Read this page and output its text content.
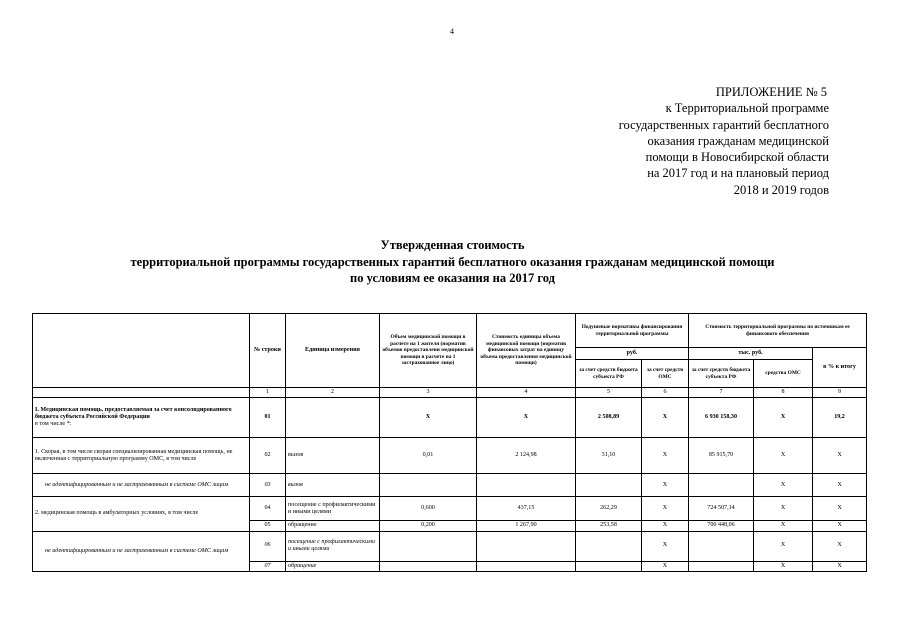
4
ПРИЛОЖЕНИЕ № 5
к Территориальной программе
государственных гарантий бесплатного
оказания гражданам медицинской
помощи в Новосибирской области
на 2017 год и на плановый период
2018 и 2019 годов
Утвержденная стоимость
территориальной программы государственных гарантий бесплатного оказания гражданам медицинской помощи
по условиям ее оказания на 2017 год
	№ строки	Единица измерения	Объем медицинской помощи в расчете на 1 жителя (норматив объемов предоставлени медицинской помощи в расчете на 1 застрахованное лицо)	Стоимость единицы объема медицинской помощи (норматив финансовых затрат на единицу объема предоставления медицинской помощи)	Подушевые нормативы финансирования территориальной программы		Стоимость территориальной программы по источникам ее финансового обеспечения		
					руб.		тыс. руб.		в % к итогу
					за счет средств бюджета субъекта РФ	за счет средств ОМС	за счет средств бюджета субъекта РФ	средства ОМС	
	1	2	3	4	5	6	7	8	9

I. Медицинская помощь, предоставляемая за счет консолидированного бюджета субъекта Российской Федерации
в том числе *:	01		X	X	2 508,89	X	6 930 158,30	X	19,2
1. Скорая, в том числе скорая специализированная медицинская помощь, не включенная с территориальную программу ОМС, в том числе	02	вызов	0,01	2 124,98	31,10	X	85 915,70	X	X
не идентифицированным и не застрахованным в системе ОМС лицам	03	вызов				X		X	X
2. медицинская помощь в амбулаторных условиях, в том числе	04	посещение с профилактическими и иными целями	0,600	437,15	262,29	X	724 507,14	X	X
	05	обращение	0,200	1 267,90	253,58	X	700 448,06	X	X
не идентифицированным и не застрахованным в системе ОМС лицам	06	посещение с профилактическими и иными целями				X		X	X
	07	обращение				X		X	X
